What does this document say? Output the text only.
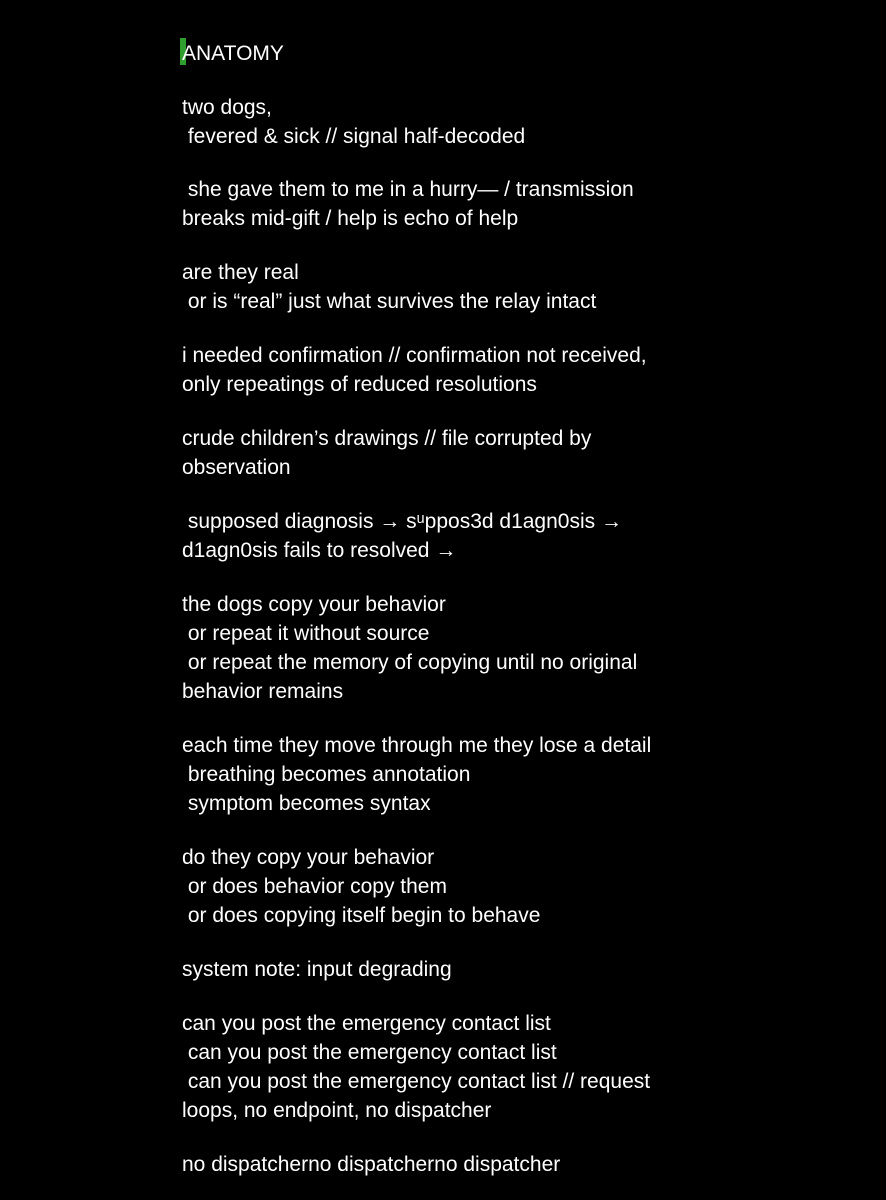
ANATOMY
two dogs,
fevered & sick // signal half-decoded
she gave them to me in a hurry— / transmission
breaks mid-gift / help is echo of help
are they real
or is “real” just what survives the relay intact
i needed confirmation // confirmation not received,
only repeatings of reduced resolutions
crude children’s drawings // file corrupted by
observation
supposed diagnosis → sᵘppos3d d1agn0sis →
d1agn0sis fails to resolved →
the dogs copy your behavior
or repeat it without source
or repeat the memory of copying until no original
behavior remains
each time they move through me they lose a detail
breathing becomes annotation
symptom becomes syntax
do they copy your behavior
or does behavior copy them
or does copying itself begin to behave
system note: input degrading
can you post the emergency contact list
can you post the emergency contact list
can you post the emergency contact list // request
loops, no endpoint, no dispatcher
no dispatcherno dispatcherno dispatcher
